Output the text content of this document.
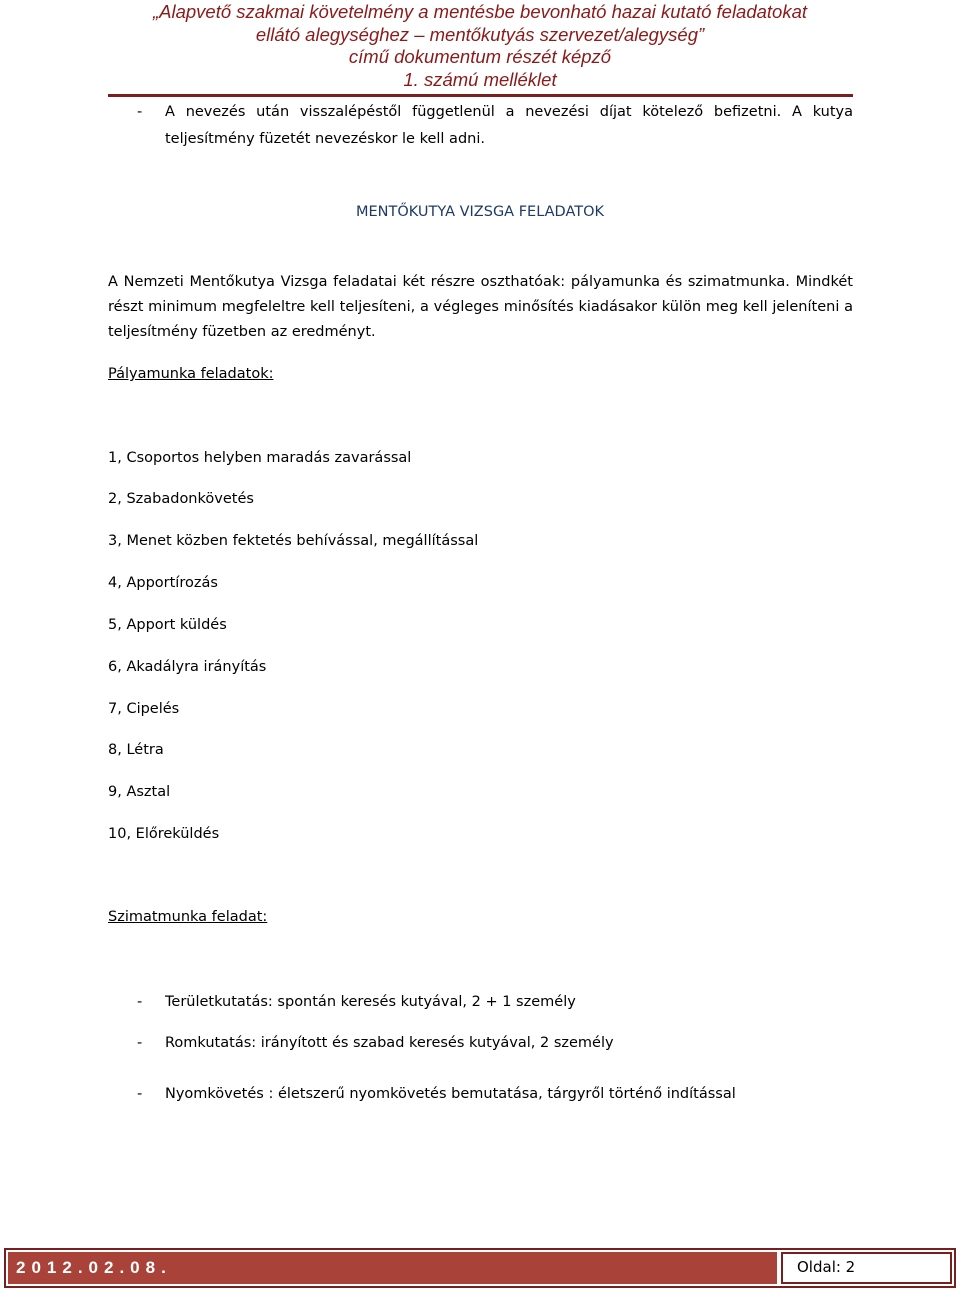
„Alapvető szakmai követelmény a mentésbe bevonható hazai kutató feladatokat
ellátó alegységhez – mentőkutyás szervezet/alegység”
című dokumentum részét képző
1. számú melléklet
- A nevezés után visszalépéstől függetlenül a nevezési díjat kötelező befizetni. A kutya
teljesítmény füzetét nevezéskor le kell adni.
MENTŐKUTYA VIZSGA FELADATOK
A Nemzeti Mentőkutya Vizsga feladatai két részre oszthatóak: pályamunka és szimatmunka. Mindkét
részt minimum megfeleltre kell teljesíteni, a végleges minősítés kiadásakor külön meg kell jeleníteni a
teljesítmény füzetben az eredményt.
Pályamunka feladatok:
1, Csoportos helyben maradás zavarással
2, Szabadonkövetés
3, Menet közben fektetés behívással, megállítással
4, Apportírozás
5, Apport küldés
6, Akadályra irányítás
7, Cipelés
8, Létra
9, Asztal
10, Előreküldés
Szimatmunka feladat:
- Területkutatás: spontán keresés kutyával, 2 + 1 személy
- Romkutatás: irányított és szabad keresés kutyával, 2 személy
- Nyomkövetés : életszerű nyomkövetés bemutatása, tárgyről történő indítással
2012.02.08.	Oldal: 2
